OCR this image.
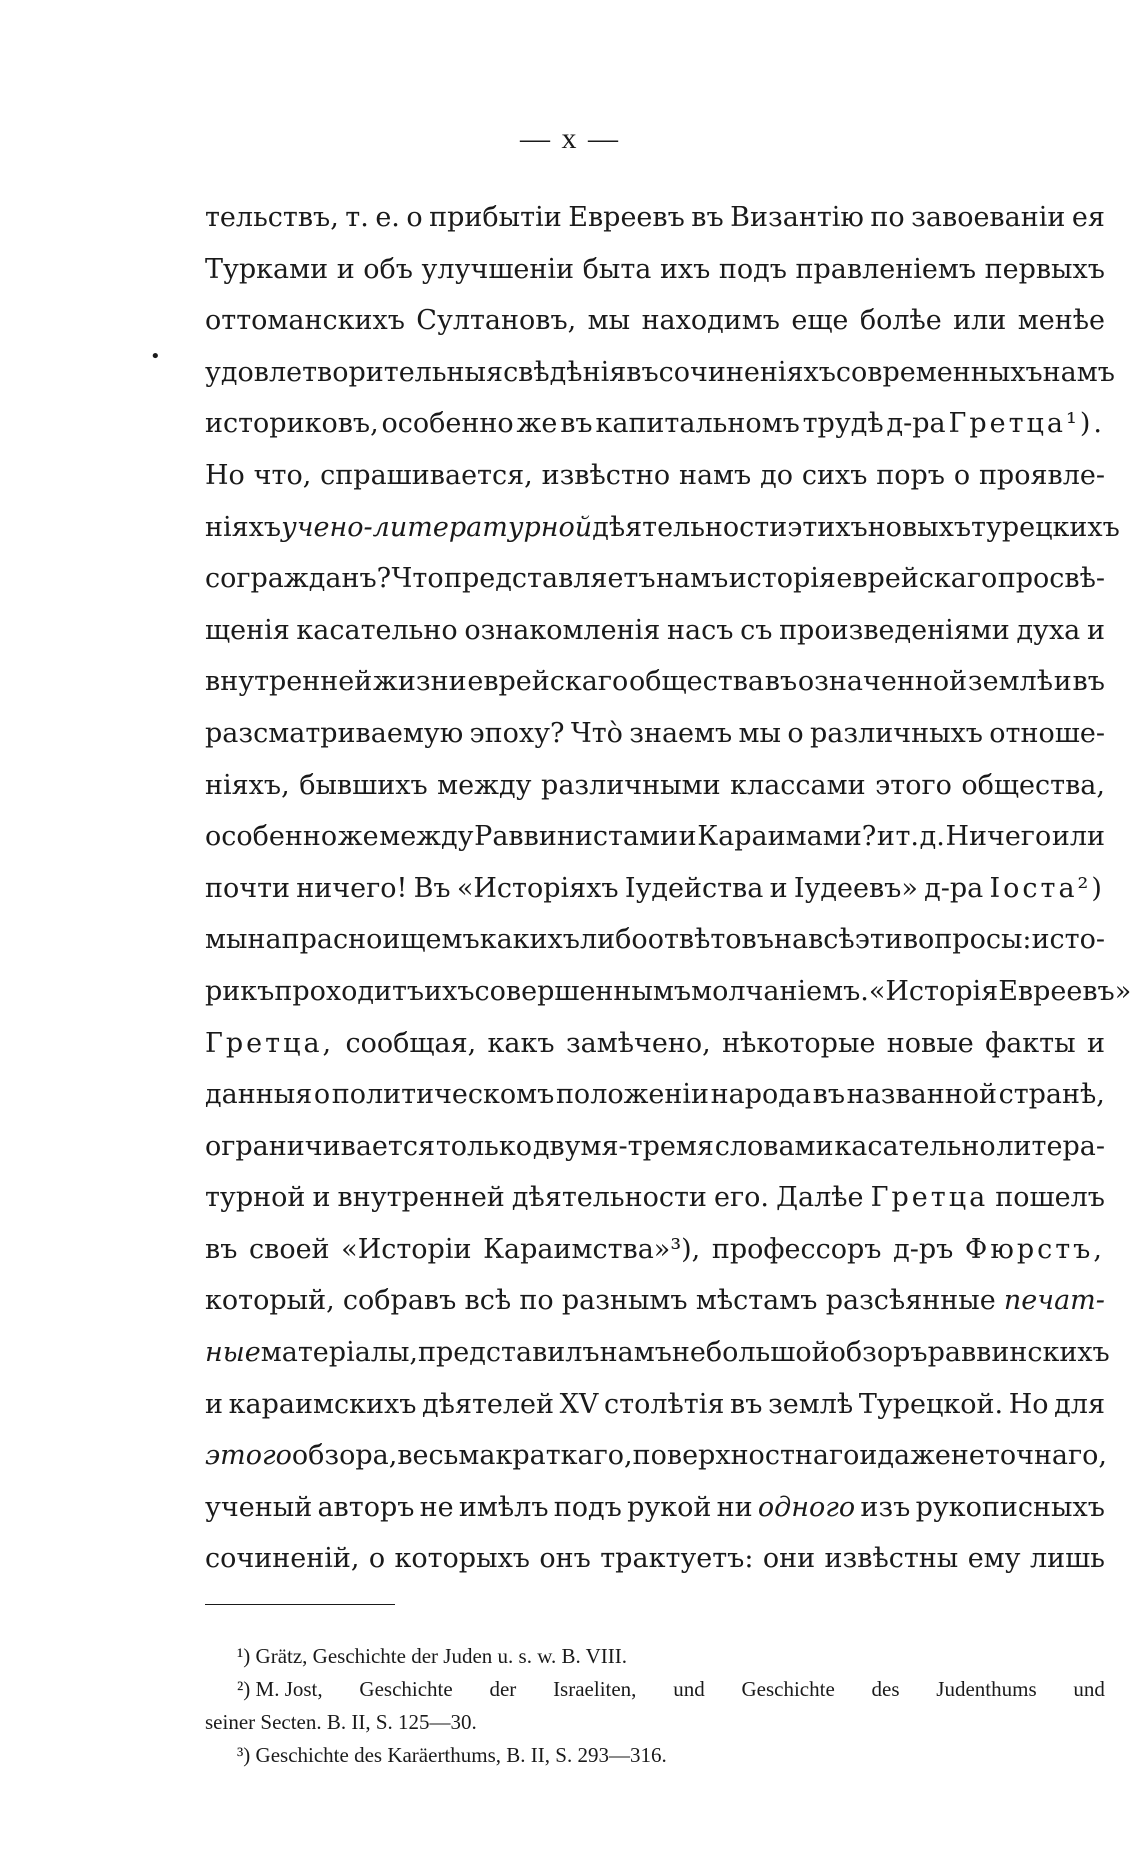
— x —
•
тельствъ, т. е. о прибытіи Евреевъ въ Византію по завоеваніи ея
Турками и объ улучшеніи быта ихъ подъ правленіемъ первыхъ
оттоманскихъ Султановъ, мы находимъ еще болѣе или менѣе
удовлетворительныя свѣдѣнія въ сочиненіяхъ современныхъ намъ
историковъ, особенно же въ капитальномъ трудѣ д-ра Гретца¹).
Но что, спрашивается, извѣстно намъ до сихъ поръ о проявле-
ніяхъ учено-литературной дѣятельности этихъ новыхъ турецкихъ
согражданъ? Что представляетъ намъ исторія еврейскаго просвѣ-
щенія касательно ознакомленія насъ съ произведеніями духа и
внутренней жизни еврейскаго общества въ означенной землѣ и въ
разсматриваемую эпоху? Что̀ знаемъ мы о различныхъ отноше-
ніяхъ, бывшихъ между различными классами этого общества,
особенно же между Раввинистами и Караимами? и т. д. Ничего или
почти ничего! Въ «Исторіяхъ Іудейства и Іудеевъ» д-ра Іоста²)
мы напрасно ищемъ какихъ либо отвѣтовъ на всѣ эти вопросы: исто-
рикъ проходитъ ихъ совершеннымъ молчаніемъ. «Исторія Евреевъ»
Гретца, сообщая, какъ замѣчено, нѣкоторые новые факты и
данныя о политическомъ положеніи народа въ названной странѣ,
ограничивается только двумя-тремя словами касательно литера-
турной и внутренней дѣятельности его. Далѣе Гретца пошелъ
въ своей «Исторіи Караимства»³), профессоръ д-ръ Фюрстъ,
который, собравъ всѣ по разнымъ мѣстамъ разсѣянные печат-
ные матеріалы, представилъ намъ небольшой обзоръ раввинскихъ
и караимскихъ дѣятелей XV столѣтія въ землѣ Турецкой. Но для
этого обзора, весьма краткаго, поверхностнаго и даже неточнаго,
ученый авторъ не имѣлъ подъ рукой ни одного изъ рукописныхъ
сочиненій, о которыхъ онъ трактуетъ: они извѣстны ему лишь
¹) Grätz, Geschichte der Juden u. s. w. B. VIII.
²) M. Jost, Geschichte der Israeliten, und Geschichte des Judenthums und
seiner Secten. B. II, S. 125—30.
³) Geschichte des Karäerthums, B. II, S. 293—316.
